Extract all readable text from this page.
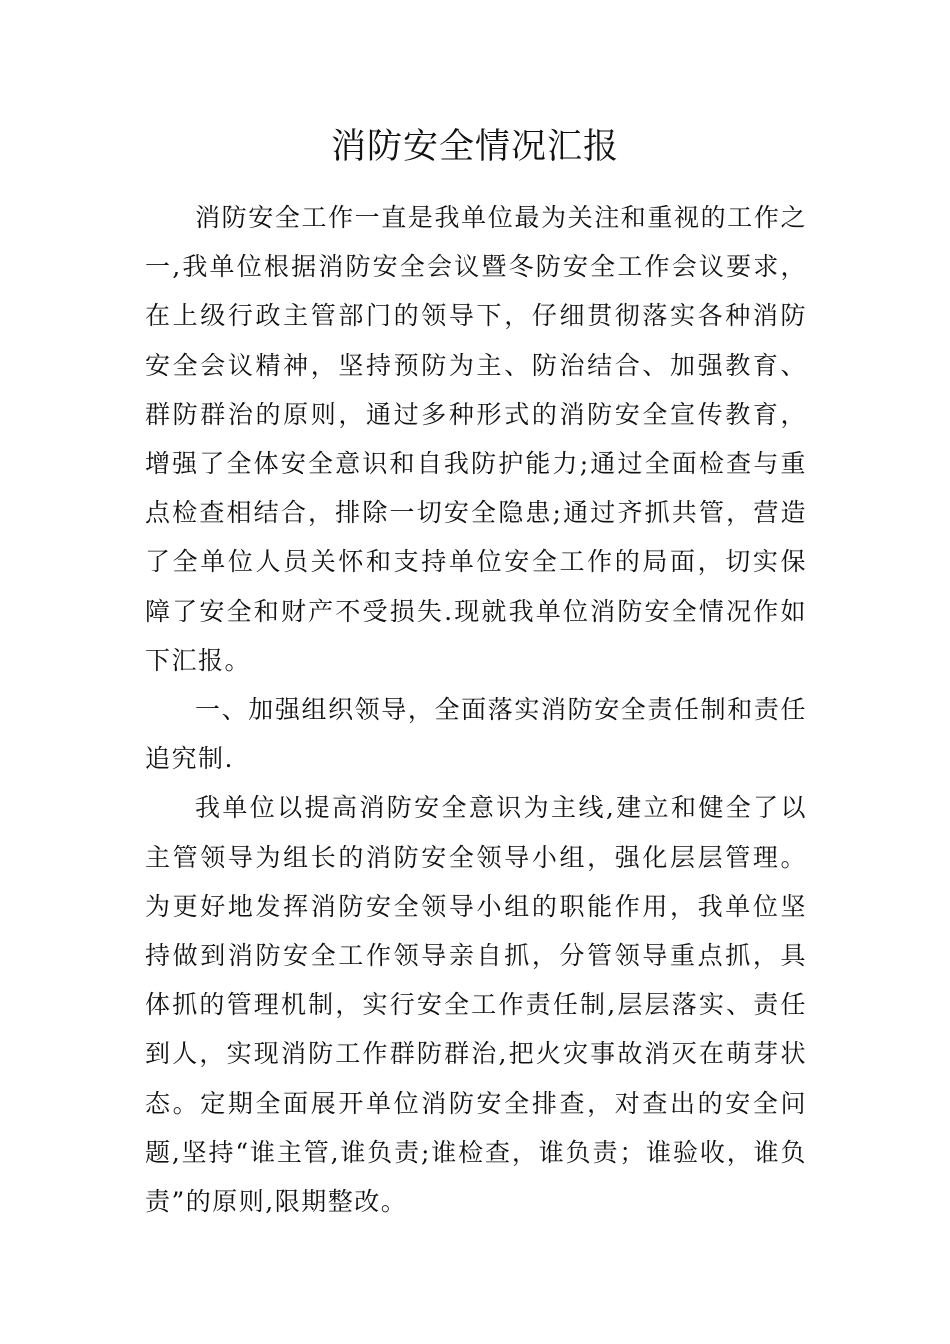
消防安全情况汇报

消防安全工作一直是我单位最为关注和重视的工作之一,我单位根据消防安全会议暨冬防安全工作会议要求，在上级行政主管部门的领导下，仔细贯彻落实各种消防安全会议精神，坚持预防为主、防治结合、加强教育、群防群治的原则，通过多种形式的消防安全宣传教育，增强了全体安全意识和自我防护能力;通过全面检查与重点检查相结合，排除一切安全隐患;通过齐抓共管，营造了全单位人员关怀和支持单位安全工作的局面，切实保障了安全和财产不受损失.现就我单位消防安全情况作如下汇报。

一、加强组织领导，全面落实消防安全责任制和责任追究制.

我单位以提高消防安全意识为主线,建立和健全了以主管领导为组长的消防安全领导小组，强化层层管理。为更好地发挥消防安全领导小组的职能作用，我单位坚持做到消防安全工作领导亲自抓，分管领导重点抓，具体抓的管理机制，实行安全工作责任制,层层落实、责任到人，实现消防工作群防群治,把火灾事故消灭在萌芽状态。定期全面展开单位消防安全排查，对查出的安全问题,坚持“谁主管,谁负责;谁检查，谁负责；谁验收，谁负责”的原则,限期整改。
